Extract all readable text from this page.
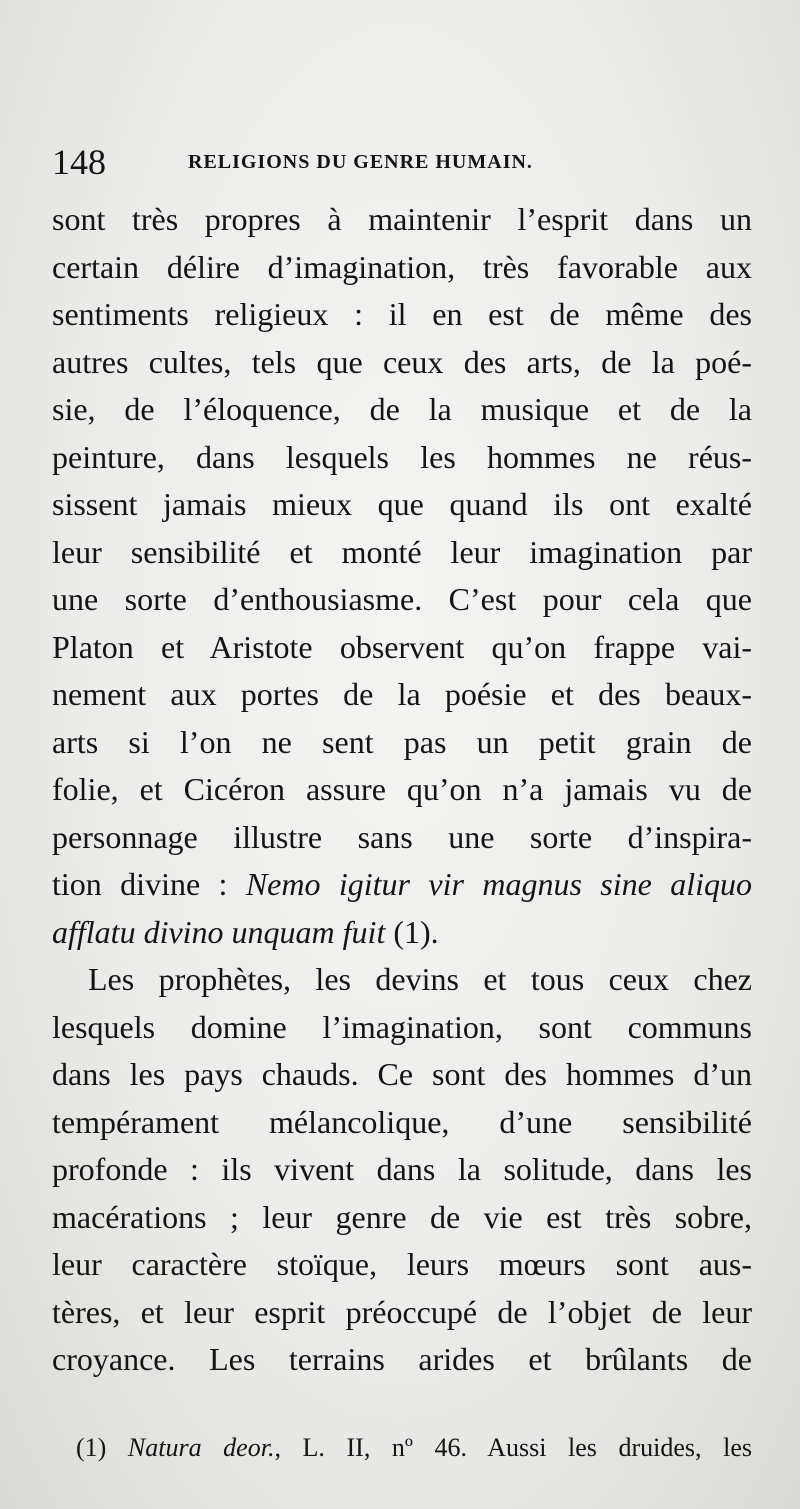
148	RELIGIONS DU GENRE HUMAIN.
sont très propres à maintenir l’esprit dans un
certain délire d’imagination, très favorable aux
sentiments religieux : il en est de même des
autres cultes, tels que ceux des arts, de la poé-
sie, de l’éloquence, de la musique et de la
peinture, dans lesquels les hommes ne réus-
sissent jamais mieux que quand ils ont exalté
leur sensibilité et monté leur imagination par
une sorte d’enthousiasme. C’est pour cela que
Platon et Aristote observent qu’on frappe vai-
nement aux portes de la poésie et des beaux-
arts si l’on ne sent pas un petit grain de
folie, et Cicéron assure qu’on n’a jamais vu de
personnage illustre sans une sorte d’inspira-
tion divine : Nemo igitur vir magnus sine aliquo
afflatu divino unquam fuit (1).
Les prophètes, les devins et tous ceux chez
lesquels domine l’imagination, sont communs
dans les pays chauds. Ce sont des hommes d’un
tempérament mélancolique, d’une sensibilité
profonde : ils vivent dans la solitude, dans les
macérations ; leur genre de vie est très sobre,
leur caractère stoïque, leurs mœurs sont aus-
tères, et leur esprit préoccupé de l’objet de leur
croyance. Les terrains arides et brûlants de
(1) Natura deor., L. II, nº 46. Aussi les druides, les
